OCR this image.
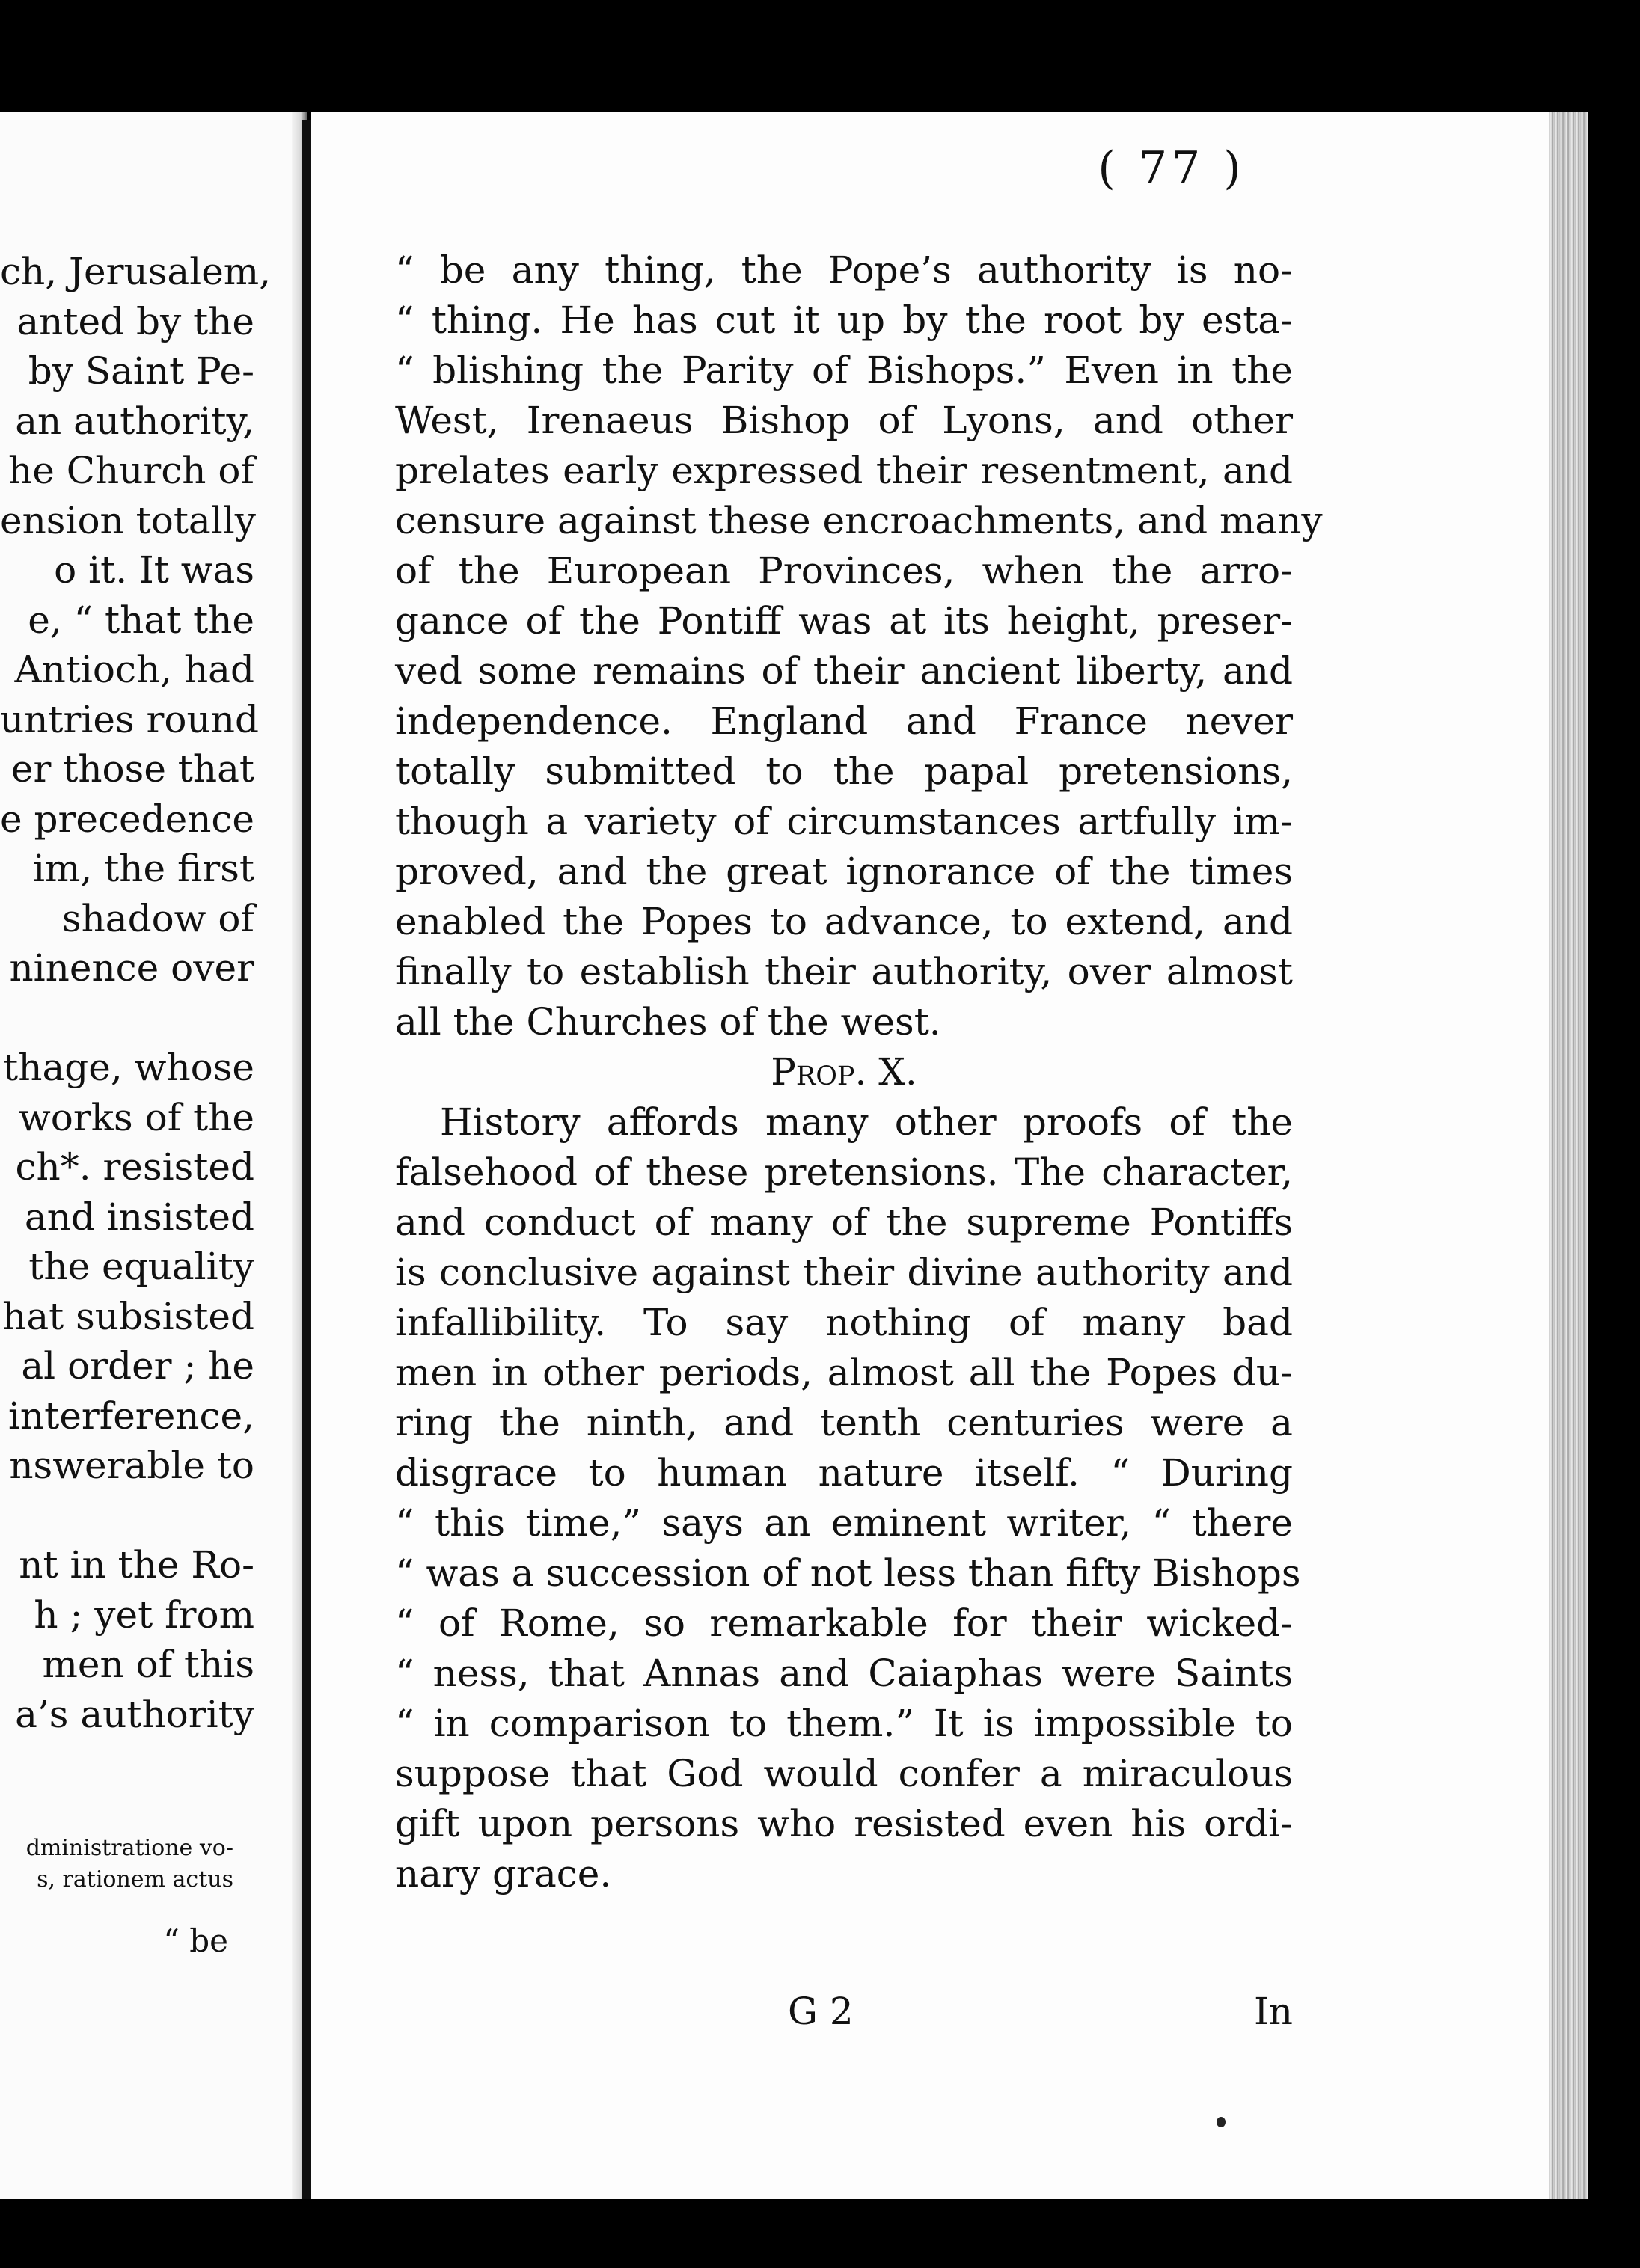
ch, Jerusalem,
anted by the
by Saint Pe-
an authority,
he Church of
ension totally
o it. It was
e, “ that the
Antioch, had
untries round
er those that
e precedence
im, the first
shadow of
ninence over
thage, whose
works of the
ch*. resisted
and insisted
the equality
hat subsisted
al order ; he
interference,
nswerable to
nt in the Ro-
h ; yet from
men of this
a’s authority
dministratione vo-
s, rationem actus
“ be
( 77 )
“ be any thing, the Pope’s authority is no-
“ thing. He has cut it up by the root by esta-
“ blishing the Parity of Bishops.” Even in the
West, Irenaeus Bishop of Lyons, and other
prelates early expressed their resentment, and
censure against these encroachments, and many
of the European Provinces, when the arro-
gance of the Pontiff was at its height, preser-
ved some remains of their ancient liberty, and
independence. England and France never
totally submitted to the papal pretensions,
though a variety of circumstances artfully im-
proved, and the great ignorance of the times
enabled the Popes to advance, to extend, and
finally to establish their authority, over almost
all the Churches of the west.
Prop. X.
History affords many other proofs of the
falsehood of these pretensions. The character,
and conduct of many of the supreme Pontiffs
is conclusive against their divine authority and
infallibility. To say nothing of many bad
men in other periods, almost all the Popes du-
ring the ninth, and tenth centuries were a
disgrace to human nature itself. “ During
“ this time,” says an eminent writer, “ there
“ was a succession of not less than fifty Bishops
“ of Rome, so remarkable for their wicked-
“ ness, that Annas and Caiaphas were Saints
“ in comparison to them.” It is impossible to
suppose that God would confer a miraculous
gift upon persons who resisted even his ordi-
nary grace.
G 2	In
